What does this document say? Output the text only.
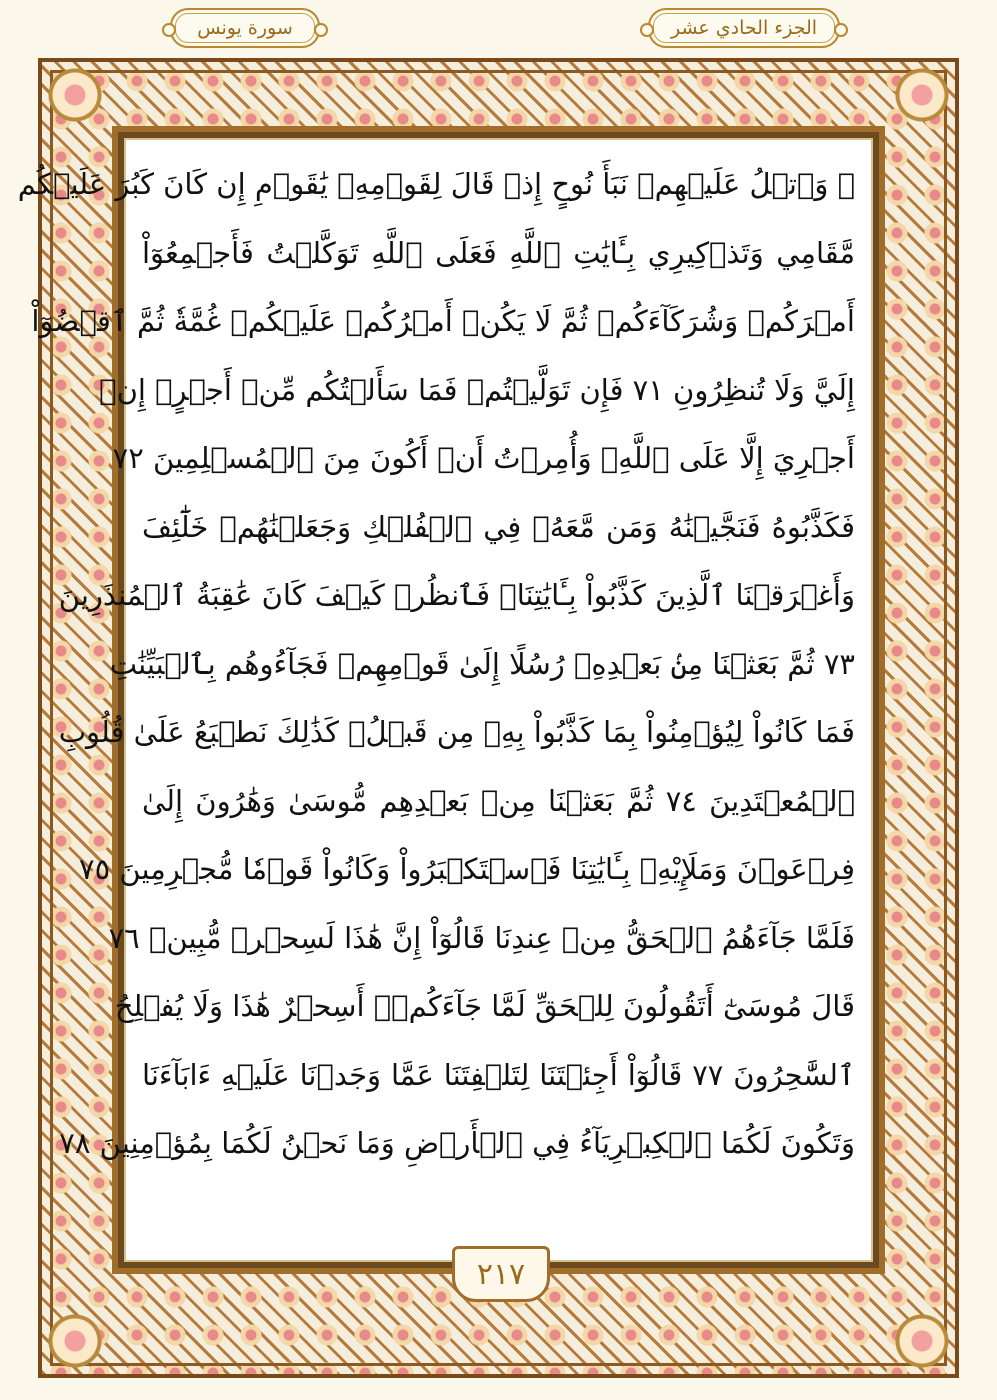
سورة يونس	الجزء الحادي عشر
۞ وَٱتۡلُ عَلَيۡهِمۡ نَبَأَ نُوحٍ إِذۡ قَالَ لِقَوۡمِهِۦ يَٰقَوۡمِ إِن كَانَ كَبُرَ عَلَيۡكُم
مَّقَامِي وَتَذۡكِيرِي بِـَٔايَٰتِ ٱللَّهِ فَعَلَى ٱللَّهِ تَوَكَّلۡتُ فَأَجۡمِعُوٓاْ
أَمۡرَكُمۡ وَشُرَكَآءَكُمۡ ثُمَّ لَا يَكُنۡ أَمۡرُكُمۡ عَلَيۡكُمۡ غُمَّةٗ ثُمَّ ٱقۡضُوٓاْ
إِلَيَّ وَلَا تُنظِرُونِ ٧١ فَإِن تَوَلَّيۡتُمۡ فَمَا سَأَلۡتُكُم مِّنۡ أَجۡرٍۖ إِنۡ
أَجۡرِيَ إِلَّا عَلَى ٱللَّهِۖ وَأُمِرۡتُ أَنۡ أَكُونَ مِنَ ٱلۡمُسۡلِمِينَ ٧٢
فَكَذَّبُوهُ فَنَجَّيۡنَٰهُ وَمَن مَّعَهُۥ فِي ٱلۡفُلۡكِ وَجَعَلۡنَٰهُمۡ خَلَٰٓئِفَ
وَأَغۡرَقۡنَا ٱلَّذِينَ كَذَّبُواْ بِـَٔايَٰتِنَاۖ فَٱنظُرۡ كَيۡفَ كَانَ عَٰقِبَةُ ٱلۡمُنذَرِينَ
٧٣ ثُمَّ بَعَثۡنَا مِنۢ بَعۡدِهِۦ رُسُلًا إِلَىٰ قَوۡمِهِمۡ فَجَآءُوهُم بِٱلۡبَيِّنَٰتِ
فَمَا كَانُواْ لِيُؤۡمِنُواْ بِمَا كَذَّبُواْ بِهِۦ مِن قَبۡلُۚ كَذَٰلِكَ نَطۡبَعُ عَلَىٰ قُلُوبِ
ٱلۡمُعۡتَدِينَ ٧٤ ثُمَّ بَعَثۡنَا مِنۢ بَعۡدِهِم مُّوسَىٰ وَهَٰرُونَ إِلَىٰ
فِرۡعَوۡنَ وَمَلَإِيْهِۦ بِـَٔايَٰتِنَا فَٱسۡتَكۡبَرُواْ وَكَانُواْ قَوۡمٗا مُّجۡرِمِينَ ٧٥
فَلَمَّا جَآءَهُمُ ٱلۡحَقُّ مِنۡ عِندِنَا قَالُوٓاْ إِنَّ هَٰذَا لَسِحۡرٞ مُّبِينٞ ٧٦
قَالَ مُوسَىٰٓ أَتَقُولُونَ لِلۡحَقِّ لَمَّا جَآءَكُمۡۖ أَسِحۡرٌ هَٰذَا وَلَا يُفۡلِحُ
ٱلسَّٰحِرُونَ ٧٧ قَالُوٓاْ أَجِئۡتَنَا لِتَلۡفِتَنَا عَمَّا وَجَدۡنَا عَلَيۡهِ ءَابَآءَنَا
وَتَكُونَ لَكُمَا ٱلۡكِبۡرِيَآءُ فِي ٱلۡأَرۡضِ وَمَا نَحۡنُ لَكُمَا بِمُؤۡمِنِينَ ٧٨
٢١٧
